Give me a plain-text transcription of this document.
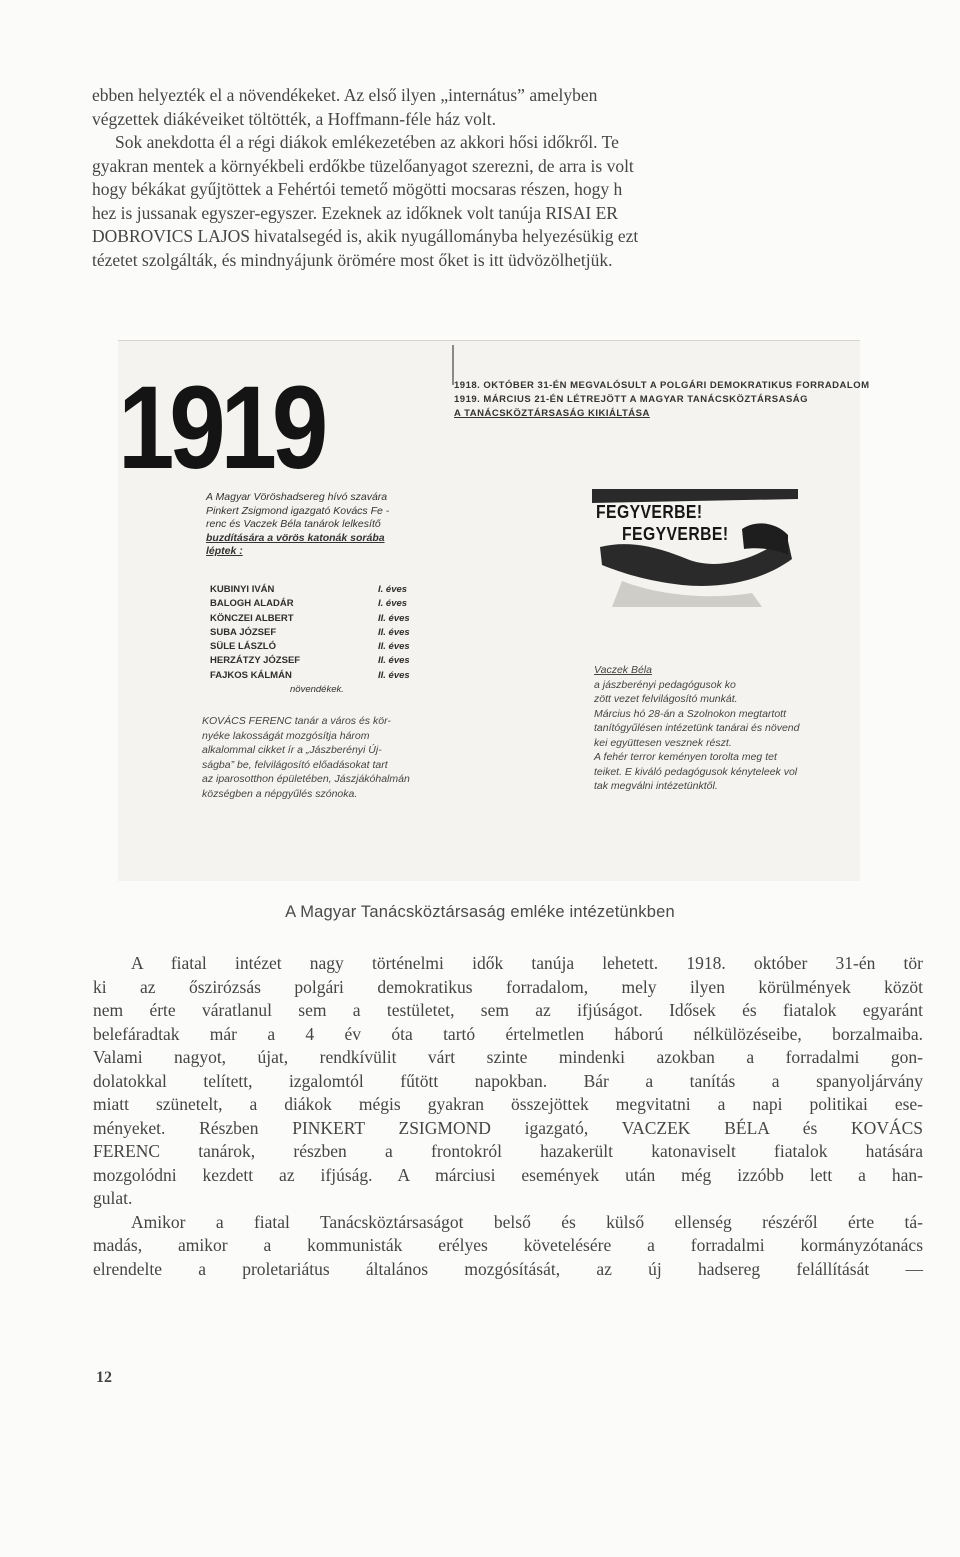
ebben helyezték el a növendékeket. Az első ilyen „internátus” amelyben
végzettek diákéveiket töltötték, a Hoffmann-féle ház volt.
Sok anekdotta él a régi diákok emlékezetében az akkori hősi időkről. Te
gyakran mentek a környékbeli erdőkbe tüzelőanyagot szerezni, de arra is volt
hogy békákat gyűjtöttek a Fehértói temető mögötti mocsaras részen, hogy h
hez is jussanak egyszer-egyszer. Ezeknek az időknek volt tanúja RISAI ER
DOBROVICS LAJOS hivatalsegéd is, akik nyugállományba helyezésükig ezt
tézetet szolgálták, és mindnyájunk örömére most őket is itt üdvözölhetjük.
1919	1918. OKTÓBER 31-ÉN MEGVALÓSULT A POLGÁRI DEMOKRATIKUS FORRADALOM
1919. MÁRCIUS 21-ÉN LÉTREJÖTT A MAGYAR TANÁCSKÖZTÁRSASÁG
A TANÁCSKÖZTÁRSASÁG KIKIÁLTÁSA
A Magyar Vöröshadsereg hívó szavára
Pinkert Zsigmond igazgató Kovács Fe -
renc és Vaczek Béla tanárok lelkesítő
buzdítására a vörös katonák sorába
léptek :
KUBINYI IVÁN	I. éves
BALOGH ALADÁR	I. éves
KÖNCZEI ALBERT	II. éves
SUBA JÓZSEF	II. éves
SÜLE LÁSZLÓ	II. éves
HERZÁTZY JÓZSEF	II. éves
FAJKOS KÁLMÁN	II. éves
növendékek.
KOVÁCS FERENC tanár a város és kör-
nyéke lakosságát mozgósítja három
alkalommal cikket ír a „Jászberényi Új-
ságba” be, felvilágosító előadásokat tart
az iparosotthon épületében, Jászjákóhalmán
községben a népgyűlés szónoka.
FEGYVERBE!
FEGYVERBE!
Vaczek Béla
a jászberényi pedagógusok ko
zött vezet felvilágosító munkát.
Március hó 28-án a Szolnokon megtartott
tanítógyűlésen intézetünk tanárai és növend
kei együttesen vesznek részt.
A fehér terror keményen torolta meg tet
teiket. E kiváló pedagógusok kényteleek vol
tak megválni intézetünktől.
A Magyar Tanácsköztársaság emléke intézetünkben
A fiatal intézet nagy történelmi idők tanúja lehetett. 1918. október 31-én tör
ki az őszirózsás polgári demokratikus forradalom, mely ilyen körülmények közöt
nem érte váratlanul sem a testületet, sem az ifjúságot. Idősek és fiatalok egyaránt
belefáradtak már a 4 év óta tartó értelmetlen háború nélkülözéseibe, borzalmaiba.
Valami nagyot, újat, rendkívülit várt szinte mindenki azokban a forradalmi gon-
dolatokkal telített, izgalomtól fűtött napokban. Bár a tanítás a spanyoljárvány
miatt szünetelt, a diákok mégis gyakran összejöttek megvitatni a napi politikai ese-
ményeket. Részben PINKERT ZSIGMOND igazgató, VACZEK BÉLA és KOVÁCS
FERENC tanárok, részben a frontokról hazakerült katonaviselt fiatalok hatására
mozgolódni kezdett az ifjúság. A márciusi események után még izzóbb lett a han-
gulat.
Amikor a fiatal Tanácsköztársaságot belső és külső ellenség részéről érte tá-
madás, amikor a kommunisták erélyes követelésére a forradalmi kormányzótanács
elrendelte a proletariátus általános mozgósítását, az új hadsereg felállítását —
12
